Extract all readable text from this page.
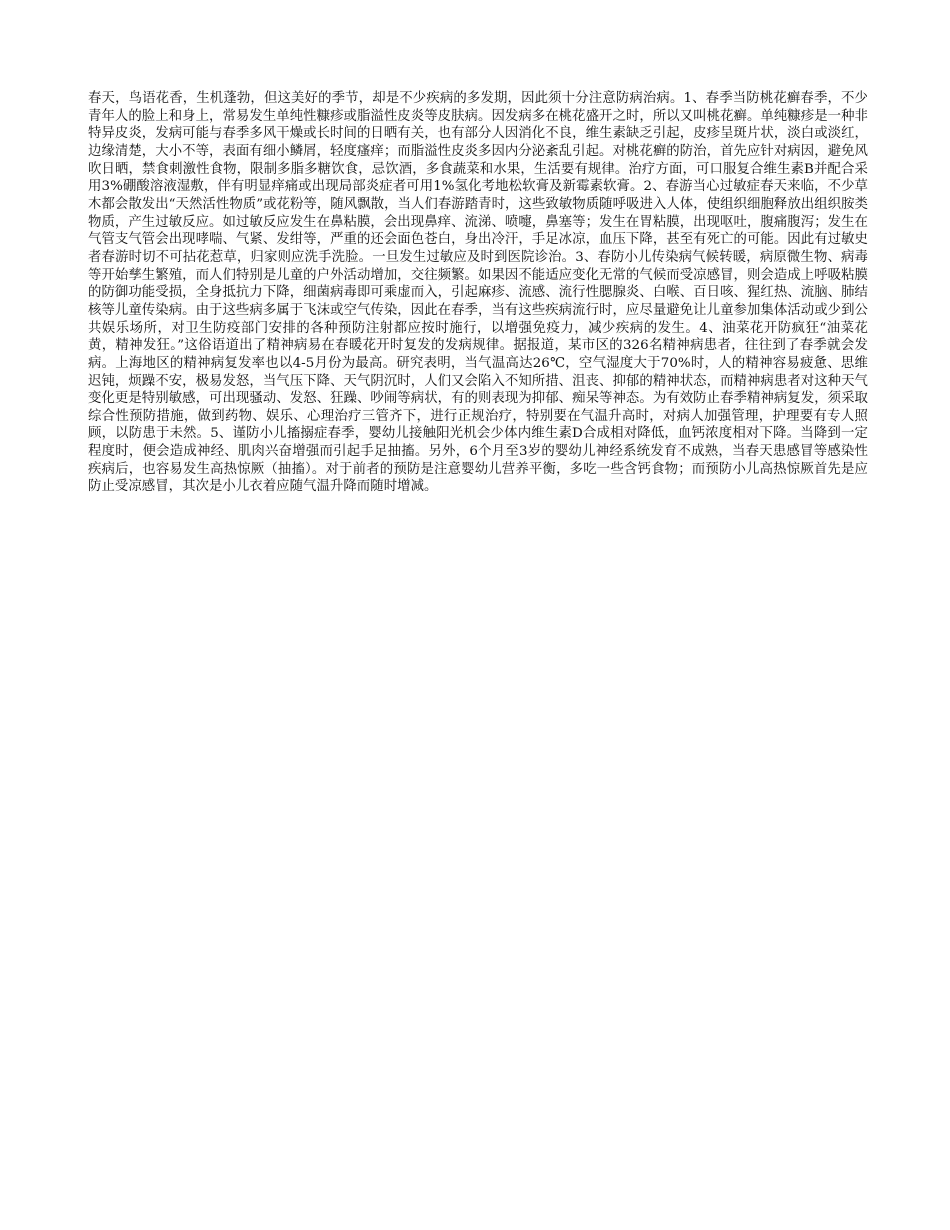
春天，鸟语花香，生机蓬勃，但这美好的季节，却是不少疾病的多发期，因此须十分注意防病治病。1、春季当防桃花癣春季，不少青年人的脸上和身上，常易发生单纯性糠疹或脂溢性皮炎等皮肤病。因发病多在桃花盛开之时，所以又叫桃花癣。单纯糠疹是一种非特异皮炎，发病可能与春季多风干燥或长时间的日晒有关，也有部分人因消化不良，维生素缺乏引起，皮疹呈斑片状，淡白或淡红，边缘清楚，大小不等，表面有细小鳞屑，轻度瘙痒；而脂溢性皮炎多因内分泌紊乱引起。对桃花癣的防治，首先应针对病因，避免风吹日晒，禁食刺激性食物，限制多脂多糖饮食，忌饮酒，多食蔬菜和水果，生活要有规律。治疗方面，可口服复合维生素B并配合采用3%硼酸溶液湿敷，伴有明显痒痛或出现局部炎症者可用1%氢化考地松软膏及新霉素软膏。2、春游当心过敏症春天来临，不少草木都会散发出“天然活性物质”或花粉等，随风飘散，当人们春游踏青时，这些致敏物质随呼吸进入人体，使组织细胞释放出组织胺类物质，产生过敏反应。如过敏反应发生在鼻粘膜，会出现鼻痒、流涕、喷嚏，鼻塞等；发生在胃粘膜，出现呕吐，腹痛腹泻；发生在气管支气管会出现哮喘、气紧、发绀等，严重的还会面色苍白，身出冷汗，手足冰凉，血压下降，甚至有死亡的可能。因此有过敏史者春游时切不可拈花惹草，归家则应洗手洗脸。一旦发生过敏应及时到医院诊治。3、春防小儿传染病气候转暖，病原微生物、病毒等开始孳生繁殖，而人们特别是儿童的户外活动增加，交往频繁。如果因不能适应变化无常的气候而受凉感冒，则会造成上呼吸粘膜的防御功能受损，全身抵抗力下降，细菌病毒即可乘虚而入，引起麻疹、流感、流行性腮腺炎、白喉、百日咳、猩红热、流脑、肺结核等儿童传染病。由于这些病多属于飞沫或空气传染，因此在春季，当有这些疾病流行时，应尽量避免让儿童参加集体活动或少到公共娱乐场所，对卫生防疫部门安排的各种预防注射都应按时施行，以增强免疫力，减少疾病的发生。4、油菜花开防疯狂“油菜花黄，精神发狂。”这俗语道出了精神病易在春暖花开时复发的发病规律。据报道，某市区的326名精神病患者，往往到了春季就会发病。上海地区的精神病复发率也以4-5月份为最高。研究表明，当气温高达26℃，空气湿度大于70%时，人的精神容易疲惫、思维迟钝，烦躁不安，极易发怒，当气压下降、天气阴沉时，人们又会陷入不知所措、沮丧、抑郁的精神状态，而精神病患者对这种天气变化更是特别敏感，可出现骚动、发怒、狂躁、吵闹等病状，有的则表现为抑郁、痴呆等神态。为有效防止春季精神病复发，须采取综合性预防措施，做到药物、娱乐、心理治疗三管齐下，进行正规治疗，特别要在气温升高时，对病人加强管理，护理要有专人照顾，以防患于未然。5、谨防小儿搐搦症春季，婴幼儿接触阳光机会少体内维生素D合成相对降低，血钙浓度相对下降。当降到一定程度时，便会造成神经、肌肉兴奋增强而引起手足抽搐。另外，6个月至3岁的婴幼儿神经系统发育不成熟，当春天患感冒等感染性疾病后，也容易发生高热惊厥（抽搐）。对于前者的预防是注意婴幼儿营养平衡，多吃一些含钙食物；而预防小儿高热惊厥首先是应防止受凉感冒，其次是小儿衣着应随气温升降而随时增减。
